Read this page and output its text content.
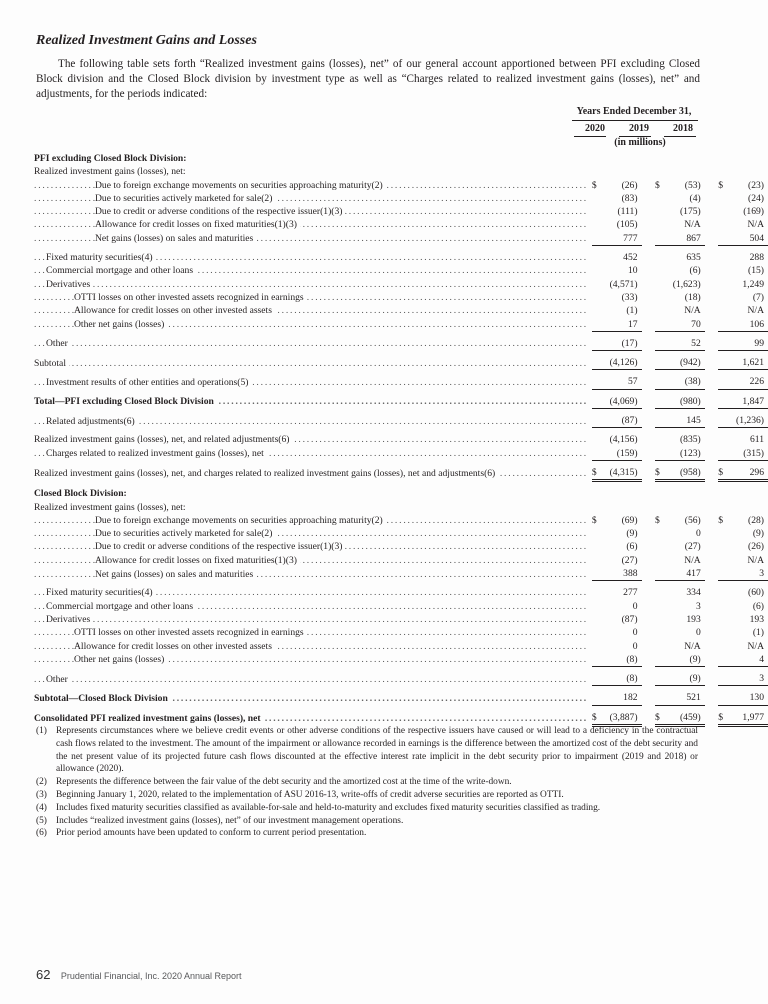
Realized Investment Gains and Losses
The following table sets forth “Realized investment gains (losses), net” of our general account apportioned between PFI excluding Closed Block division and the Closed Block division by investment type as well as “Charges related to realized investment gains (losses), net” and adjustments, for the periods indicated:
Years Ended December 31,
2020	2019	2018
(in millions)
PFI excluding Closed Block Division:								
Realized investment gains (losses), net:								
Due to foreign exchange movements on securities approaching maturity(2) . . .	$	(26)		$	(53)		$	(23)
Due to securities actively marketed for sale(2) . . .		(83)			(4)			(24)
Due to credit or adverse conditions of the respective issuer(1)(3) . . .		(111)			(175)			(169)
Allowance for credit losses on fixed maturities(1)(3) . . .		(105)			N/A			N/A
Net gains (losses) on sales and maturities . . .		777			867			504
Fixed maturity securities(4) . . .		452			635			288
Commercial mortgage and other loans . . .		10			(6)			(15)
Derivatives . . .		(4,571)			(1,623)			1,249
OTTI losses on other invested assets recognized in earnings . . .		(33)			(18)			(7)
Allowance for credit losses on other invested assets . . .		(1)			N/A			N/A
Other net gains (losses) . . .		17			70			106
Other . . .		(17)			52			99
Subtotal . . .		(4,126)			(942)			1,621
Investment results of other entities and operations(5) . . .		57			(38)			226
Total—PFI excluding Closed Block Division . . .		(4,069)			(980)			1,847
Related adjustments(6) . . .		(87)			145			(1,236)
Realized investment gains (losses), net, and related adjustments(6) . . .		(4,156)			(835)			611
Charges related to realized investment gains (losses), net . . .		(159)			(123)			(315)
Realized investment gains (losses), net, and charges related to realized investment gains (losses), net and adjustments(6) . . .	$	(4,315)		$	(958)		$	296
Closed Block Division:								
Realized investment gains (losses), net:								
Due to foreign exchange movements on securities approaching maturity(2) . . .	$	(69)		$	(56)		$	(28)
Due to securities actively marketed for sale(2) . . .		(9)			0			(9)
Due to credit or adverse conditions of the respective issuer(1)(3) . . .		(6)			(27)			(26)
Allowance for credit losses on fixed maturities(1)(3) . . .		(27)			N/A			N/A
Net gains (losses) on sales and maturities . . .		388			417			3
Fixed maturity securities(4) . . .		277			334			(60)
Commercial mortgage and other loans . . .		0			3			(6)
Derivatives . . .		(87)			193			193
OTTI losses on other invested assets recognized in earnings . . .		0			0			(1)
Allowance for credit losses on other invested assets . . .		0			N/A			N/A
Other net gains (losses) . . .		(8)			(9)			4
Other . . .		(8)			(9)			3
Subtotal—Closed Block Division . . .		182			521			130
Consolidated PFI realized investment gains (losses), net . . .	$	(3,887)		$	(459)		$	1,977
(1) Represents circumstances where we believe credit events or other adverse conditions of the respective issuers have caused or will lead to a deficiency in the contractual cash flows related to the investment. The amount of the impairment or allowance recorded in earnings is the difference between the amortized cost of the debt security and the net present value of its projected future cash flows discounted at the effective interest rate implicit in the debt security prior to impairment (2019 and 2018) or allowance (2020).
(2) Represents the difference between the fair value of the debt security and the amortized cost at the time of the write-down.
(3) Beginning January 1, 2020, related to the implementation of ASU 2016-13, write-offs of credit adverse securities are reported as OTTI.
(4) Includes fixed maturity securities classified as available-for-sale and held-to-maturity and excludes fixed maturity securities classified as trading.
(5) Includes “realized investment gains (losses), net” of our investment management operations.
(6) Prior period amounts have been updated to conform to current period presentation.
62 Prudential Financial, Inc. 2020 Annual Report
